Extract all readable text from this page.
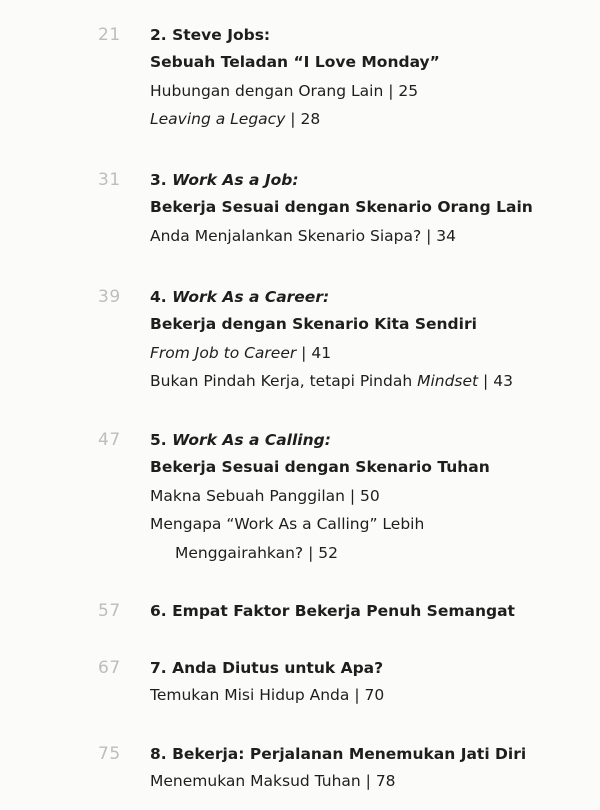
21 2. Steve Jobs:
Sebuah Teladan “I Love Monday”
Hubungan dengan Orang Lain | 25
Leaving a Legacy | 28
31 3. Work As a Job:
Bekerja Sesuai dengan Skenario Orang Lain
Anda Menjalankan Skenario Siapa? | 34
39 4. Work As a Career:
Bekerja dengan Skenario Kita Sendiri
From Job to Career | 41
Bukan Pindah Kerja, tetapi Pindah Mindset | 43
47 5. Work As a Calling:
Bekerja Sesuai dengan Skenario Tuhan
Makna Sebuah Panggilan | 50
Mengapa “Work As a Calling” Lebih
Menggairahkan? | 52
57 6. Empat Faktor Bekerja Penuh Semangat
67 7. Anda Diutus untuk Apa?
Temukan Misi Hidup Anda | 70
75 8. Bekerja: Perjalanan Menemukan Jati Diri
Menemukan Maksud Tuhan | 78
